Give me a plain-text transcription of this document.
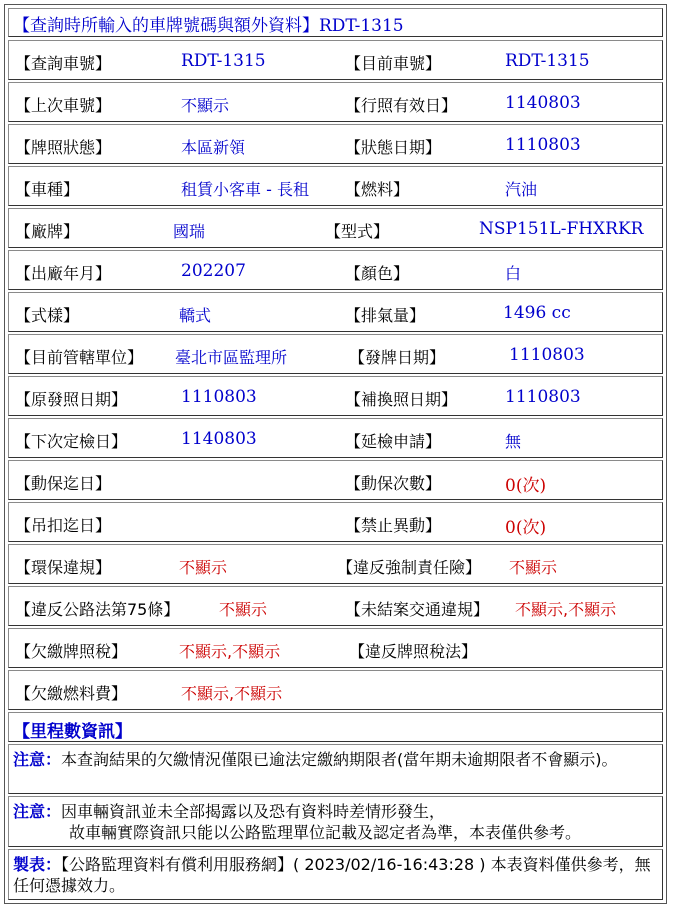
【查詢時所輸入的車牌號碼與額外資料】RDT-1315
【查詢車號】	RDT-1315	【目前車號】	RDT-1315
【上次車號】	不顯示	【行照有效日】	1140803
【牌照狀態】	本區新領	【狀態日期】	1110803
【車種】	租賃小客車 - 長租 【燃料】	汽油
【廠牌】	國瑞	【型式】	NSP151L-FHXRKR
【出廠年月】	202207	【顏色】	白
【式樣】	轎式	【排氣量】	1496 cc
【目前管轄單位】 臺北市區監理所	【發牌日期】	1110803
【原發照日期】	1110803	【補換照日期】	1110803
【下次定檢日】	1140803	【延檢申請】	無
【動保迄日】	【動保次數】	0(次)
【吊扣迄日】	【禁止異動】	0(次)
【環保違規】	不顯示	【違反強制責任險】 不顯示
【違反公路法第75條】 不顯示	【未結案交通違規】 不顯示,不顯示
【欠繳牌照稅】	不顯示,不顯示	【違反牌照稅法】
【欠繳燃料費】	不顯示,不顯示
【里程數資訊】
注意：本查詢結果的欠繳情況僅限已逾法定繳納期限者(當年期未逾期限者不會顯示)。
注意：因車輛資訊並未全部揭露以及恐有資料時差情形發生，
故車輛實際資訊只能以公路監理單位記載及認定者為準，本表僅供參考。
製表：【公路監理資料有償利用服務網】( 2023/02/16-16:43:28 ) 本表資料僅供參考，無任何憑據效力。
